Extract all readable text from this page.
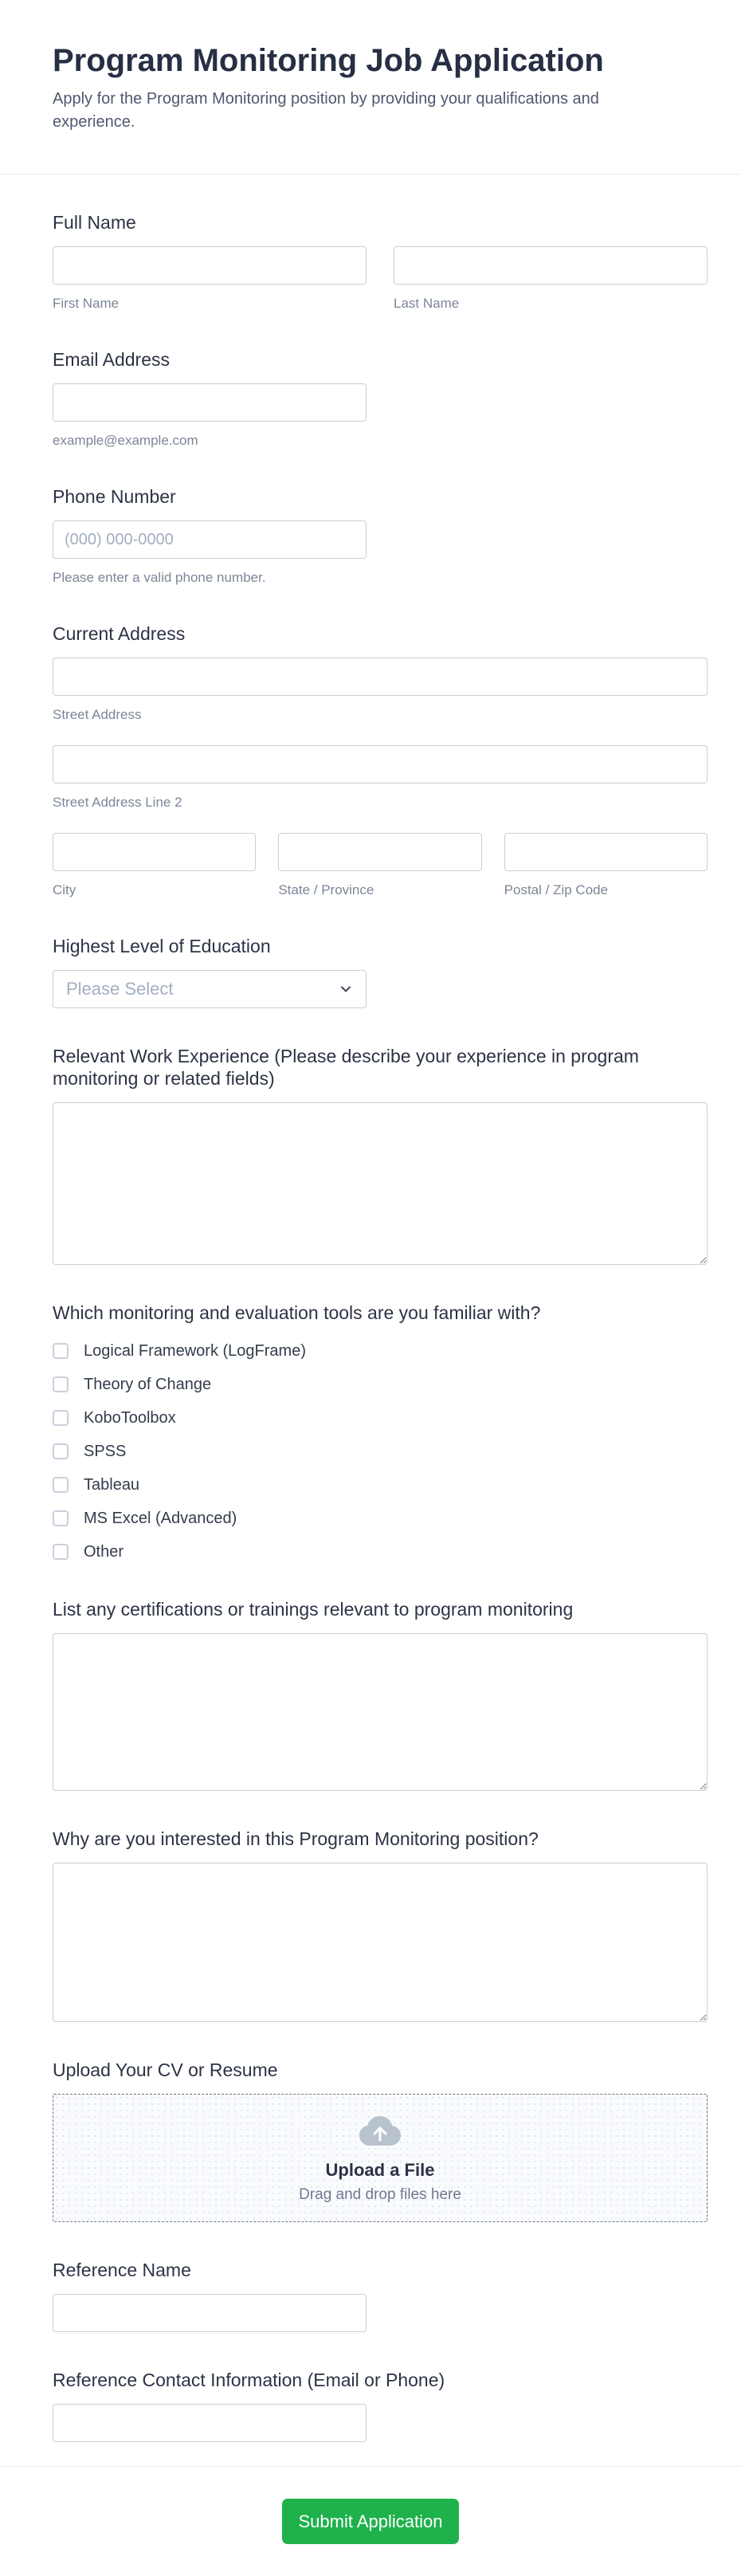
Program Monitoring Job Application
Apply for the Program Monitoring position by providing your qualifications and experience.
Full Name
First Name	Last Name
Email Address
example@example.com
Phone Number
(000) 000-0000
Please enter a valid phone number.
Current Address
Street Address
Street Address Line 2
City	State / Province	Postal / Zip Code
Highest Level of Education
Please Select
Relevant Work Experience (Please describe your experience in program monitoring or related fields)
Which monitoring and evaluation tools are you familiar with?
Logical Framework (LogFrame)
Theory of Change
KoboToolbox
SPSS
Tableau
MS Excel (Advanced)
Other
List any certifications or trainings relevant to program monitoring
Why are you interested in this Program Monitoring position?
Upload Your CV or Resume
Upload a File
Drag and drop files here
Reference Name
Reference Contact Information (Email or Phone)
Submit Application
